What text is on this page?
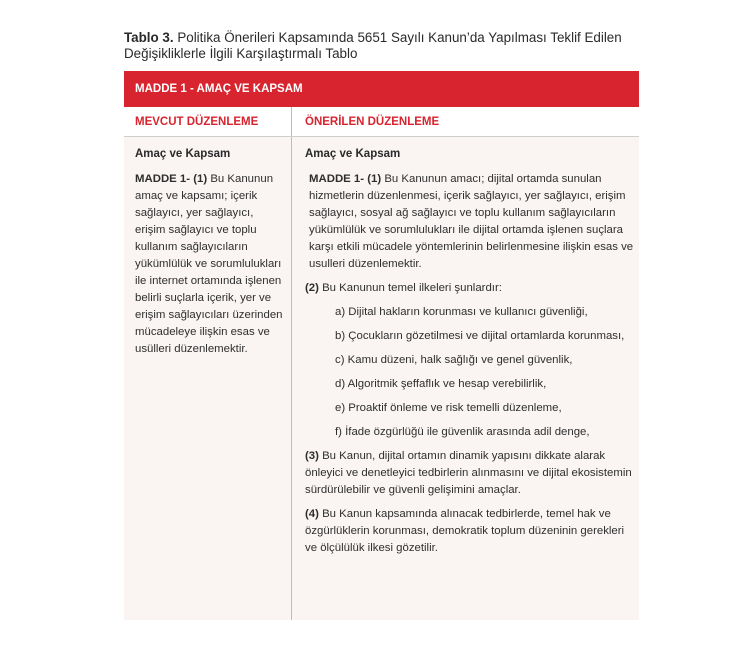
Tablo 3. Politika Önerileri Kapsamında 5651 Sayılı Kanun’da Yapılması Teklif Edilen Değişikliklerle İlgili Karşılaştırmalı Tablo
MADDE 1 - AMAÇ VE KAPSAM
MEVCUT DÜZENLEME	ÖNERİLEN DÜZENLEME
Amaç ve Kapsam
MADDE 1- (1) Bu Kanunun amaç ve kapsamı; içerik sağlayıcı, yer sağlayıcı, erişim sağlayıcı ve toplu kullanım sağlayıcıların yükümlülük ve sorumlulukları ile internet ortamında işlenen belirli suçlarla içerik, yer ve erişim sağlayıcıları üzerinden mücadeleye ilişkin esas ve usülleri düzenlemektir.
Amaç ve Kapsam
MADDE 1- (1) Bu Kanunun amacı; dijital ortamda sunulan hizmetlerin düzenlenmesi, içerik sağlayıcı, yer sağlayıcı, erişim sağlayıcı, sosyal ağ sağlayıcı ve toplu kullanım sağlayıcıların yükümlülük ve sorumlulukları ile dijital ortamda işlenen suçlara karşı etkili mücadele yöntemlerinin belirlenmesine ilişkin esas ve usulleri düzenlemektir.
(2) Bu Kanunun temel ilkeleri şunlardır:
a) Dijital hakların korunması ve kullanıcı güvenliği,
b) Çocukların gözetilmesi ve dijital ortamlarda korunması,
c) Kamu düzeni, halk sağlığı ve genel güvenlik,
d) Algoritmik şeffaflık ve hesap verebilirlik,
e) Proaktif önleme ve risk temelli düzenleme,
f) İfade özgürlüğü ile güvenlik arasında adil denge,
(3) Bu Kanun, dijital ortamın dinamik yapısını dikkate alarak önleyici ve denetleyici tedbirlerin alınmasını ve dijital ekosistemin sürdürülebilir ve güvenli gelişimini amaçlar.
(4) Bu Kanun kapsamında alınacak tedbirlerde, temel hak ve özgürlüklerin korunması, demokratik toplum düzeninin gerekleri ve ölçülülük ilkesi gözetilir.
